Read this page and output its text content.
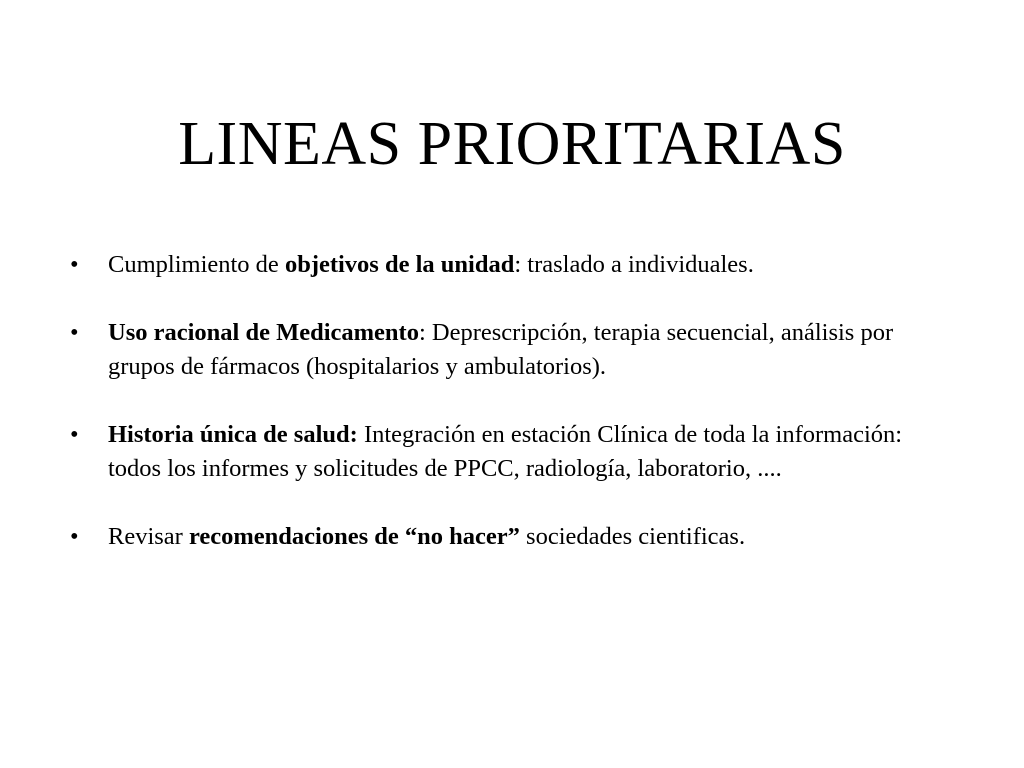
LINEAS PRIORITARIAS
•	Cumplimiento de objetivos de la unidad: traslado a individuales.
•	Uso racional de Medicamento: Deprescripción, terapia secuencial, análisis por grupos de fármacos (hospitalarios y ambulatorios).
•	Historia única de salud: Integración en estación Clínica de toda la información: todos los informes y solicitudes de PPCC, radiología, laboratorio, ....
•	Revisar recomendaciones de “no hacer” sociedades cientificas.
